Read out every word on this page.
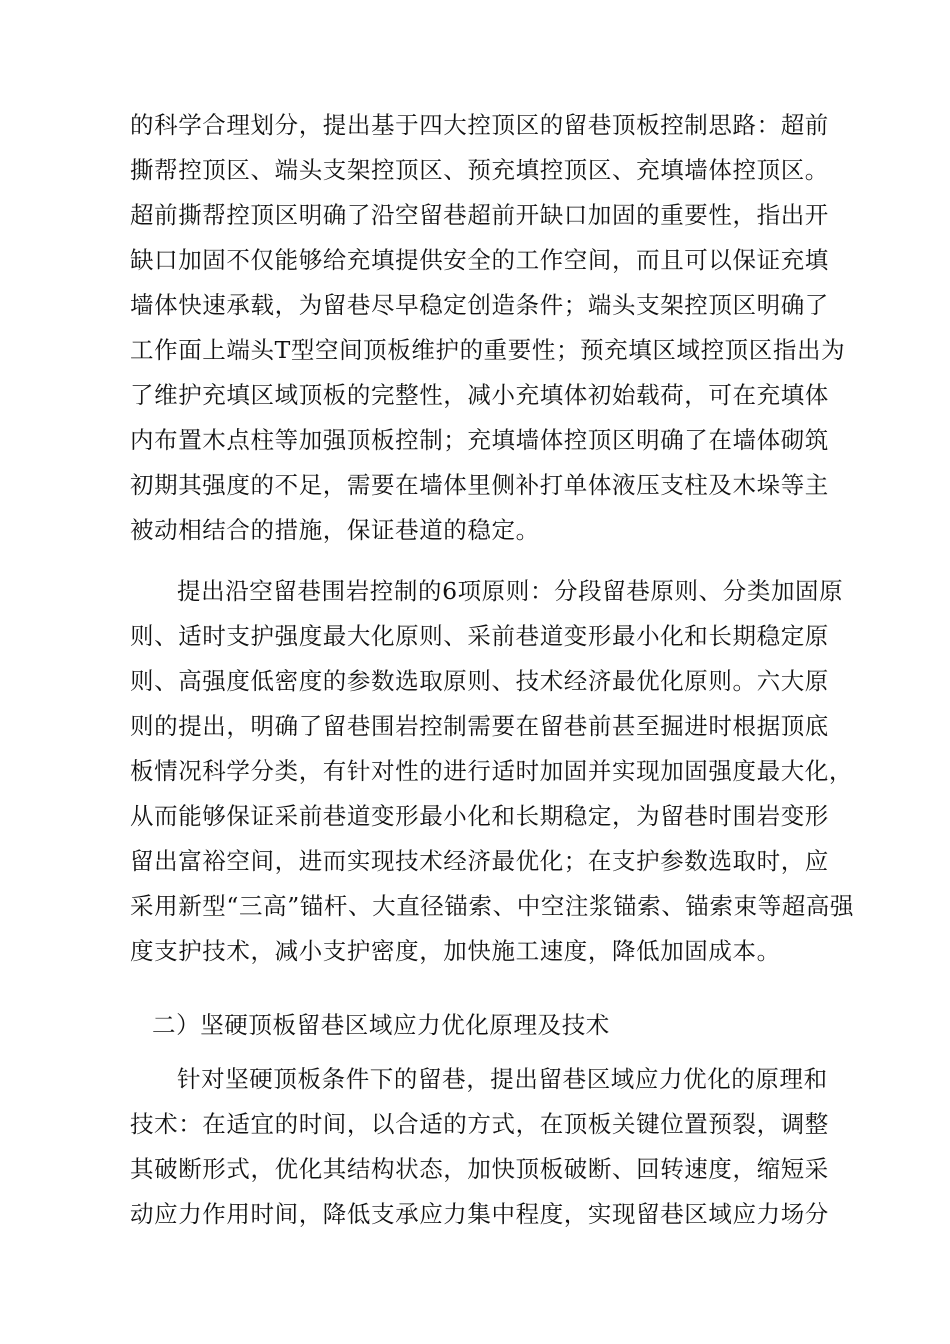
的科学合理划分，提出基于四大控顶区的留巷顶板控制思路：超前
撕帮控顶区、端头支架控顶区、预充填控顶区、充填墙体控顶区。
超前撕帮控顶区明确了沿空留巷超前开缺口加固的重要性，指出开
缺口加固不仅能够给充填提供安全的工作空间，而且可以保证充填
墙体快速承载，为留巷尽早稳定创造条件；端头支架控顶区明确了
工作面上端头T型空间顶板维护的重要性；预充填区域控顶区指出为
了维护充填区域顶板的完整性，减小充填体初始载荷，可在充填体
内布置木点柱等加强顶板控制；充填墙体控顶区明确了在墙体砌筑
初期其强度的不足，需要在墙体里侧补打单体液压支柱及木垛等主
被动相结合的措施，保证巷道的稳定。
提出沿空留巷围岩控制的6项原则：分段留巷原则、分类加固原
则、适时支护强度最大化原则、采前巷道变形最小化和长期稳定原
则、高强度低密度的参数选取原则、技术经济最优化原则。六大原
则的提出，明确了留巷围岩控制需要在留巷前甚至掘进时根据顶底
板情况科学分类，有针对性的进行适时加固并实现加固强度最大化，
从而能够保证采前巷道变形最小化和长期稳定，为留巷时围岩变形
留出富裕空间，进而实现技术经济最优化；在支护参数选取时，应
采用新型“三高”锚杆、大直径锚索、中空注浆锚索、锚索束等超高强
度支护技术，减小支护密度，加快施工速度，降低加固成本。
二）坚硬顶板留巷区域应力优化原理及技术
针对坚硬顶板条件下的留巷，提出留巷区域应力优化的原理和
技术：在适宜的时间，以合适的方式，在顶板关键位置预裂，调整
其破断形式，优化其结构状态，加快顶板破断、回转速度，缩短采
动应力作用时间，降低支承应力集中程度，实现留巷区域应力场分
